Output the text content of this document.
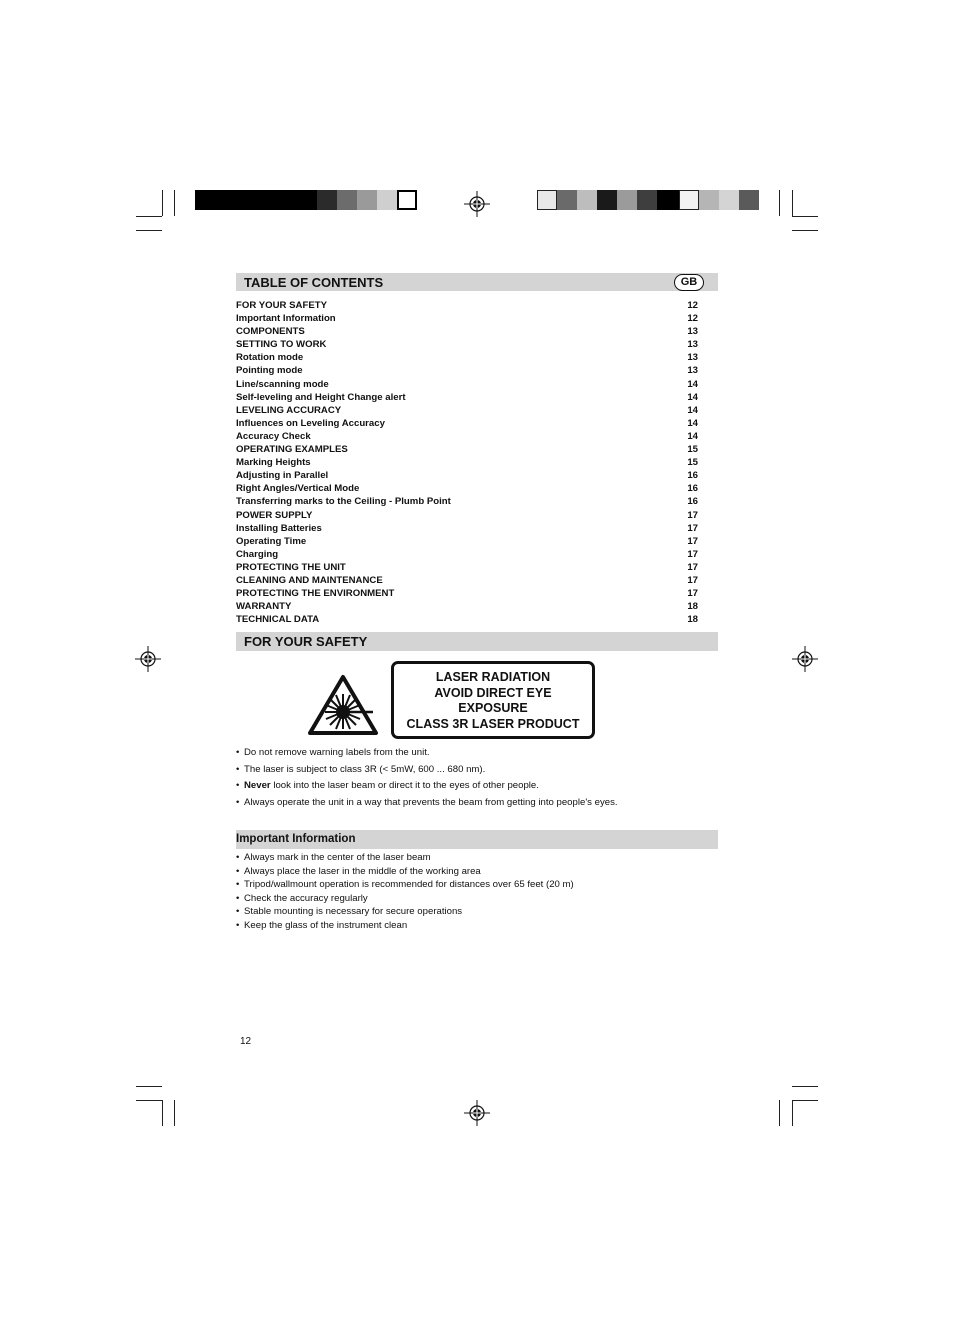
TABLE OF CONTENTS	GB
FOR YOUR SAFETY	12
Important Information	12
COMPONENTS	13
SETTING TO WORK	13
Rotation mode	13
Pointing mode	13
Line/scanning mode	14
Self-leveling and Height Change alert	14
LEVELING ACCURACY	14
Influences on Leveling Accuracy	14
Accuracy Check	14
OPERATING EXAMPLES	15
Marking Heights	15
Adjusting in Parallel	16
Right Angles/Vertical Mode	16
Transferring marks to the Ceiling - Plumb Point	16
POWER SUPPLY	17
Installing Batteries	17
Operating Time	17
Charging	17
PROTECTING THE UNIT	17
CLEANING AND MAINTENANCE	17
PROTECTING THE ENVIRONMENT	17
WARRANTY	18
TECHNICAL DATA	18
FOR YOUR SAFETY
LASER RADIATION
AVOID DIRECT EYE
EXPOSURE
CLASS 3R LASER PRODUCT
• Do not remove warning labels from the unit.
• The laser is subject to class 3R (< 5mW, 600 ... 680 nm).
• Never look into the laser beam or direct it to the eyes of other people.
• Always operate the unit in a way that prevents the beam from getting into people's eyes.
Important Information
• Always mark in the center of the laser beam
• Always place the laser in the middle of the working area
• Tripod/wallmount operation is recommended for distances over 65 feet (20 m)
• Check the accuracy regularly
• Stable mounting is necessary for secure operations
• Keep the glass of the instrument clean
12
